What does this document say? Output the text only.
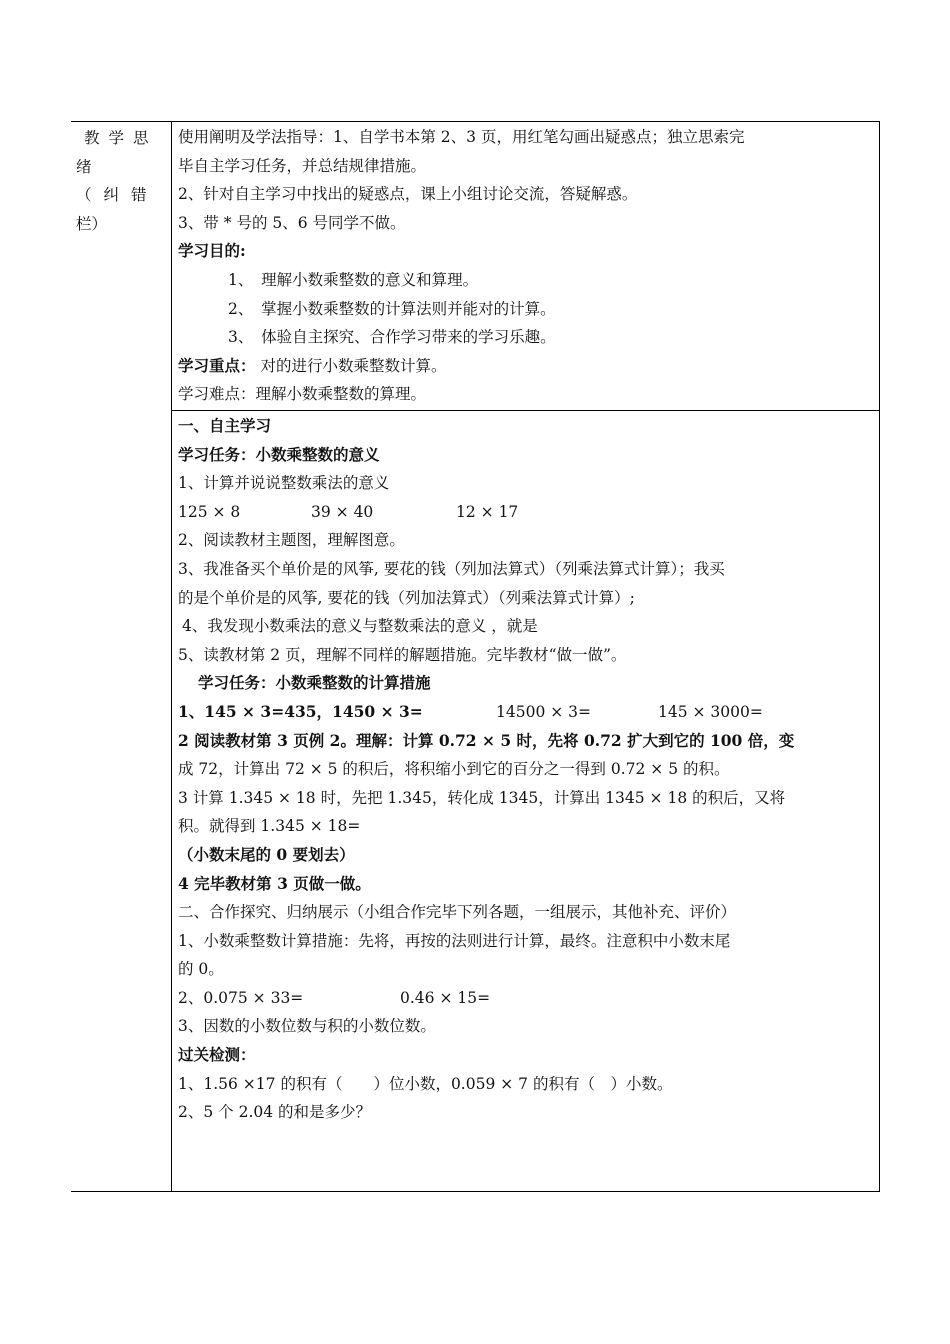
教学思
绪
（纠错
栏）
使用阐明及学法指导：1、自学书本第 2、3 页，用红笔勾画出疑惑点；独立思索完
毕自主学习任务，并总结规律措施。
2、针对自主学习中找出的疑惑点，课上小组讨论交流，答疑解惑。
3、带 * 号的 5、6 号同学不做。
学习目的:
1、　理解小数乘整数的意义和算理。
2、　掌握小数乘整数的计算法则并能对的计算。
3、　体验自主探究、合作学习带来的学习乐趣。
学习重点： 对的进行小数乘整数计算。
学习难点：理解小数乘整数的算理。
一、自主学习
学习任务：小数乘整数的意义
1、计算并说说整数乘法的意义
125 × 8	39 × 40	12 × 17
2、阅读教材主题图，理解图意。
3、我准备买个单价是的风筝, 要花的钱（列加法算式）（列乘法算式计算）；我买
的是个单价是的风筝, 要花的钱（列加法算式）（列乘法算式计算）;
4、我发现小数乘法的意义与整数乘法的意义 ，就是
5、读教材第 2 页，理解不同样的解题措施。完毕教材“做一做”。
学习任务：小数乘整数的计算措施
1、145 × 3=435，1450 × 3=	14500 × 3=	145 × 3000=
2 阅读教材第 3 页例 2。理解：计算 0.72 × 5 时，先将 0.72 扩大到它的 100 倍，变
成 72，计算出 72 × 5 的积后，将积缩小到它的百分之一得到 0.72 × 5 的积。
3 计算 1.345 × 18 时，先把 1.345，转化成 1345，计算出 1345 × 18 的积后，又将
积。就得到 1.345 × 18=
（小数末尾的 0 要划去）
4 完毕教材第 3 页做一做。
二、合作探究、归纳展示（小组合作完毕下列各题，一组展示，其他补充、评价）
1、小数乘整数计算措施：先将，再按的法则进行计算，最终。注意积中小数末尾
的 0。
2、0.075 × 33=	0.46 × 15=
3、因数的小数位数与积的小数位数。
过关检测：
1、1.56 ×17 的积有（　　）位小数，0.059 × 7 的积有（　）小数。
2、5 个 2.04 的和是多少？
